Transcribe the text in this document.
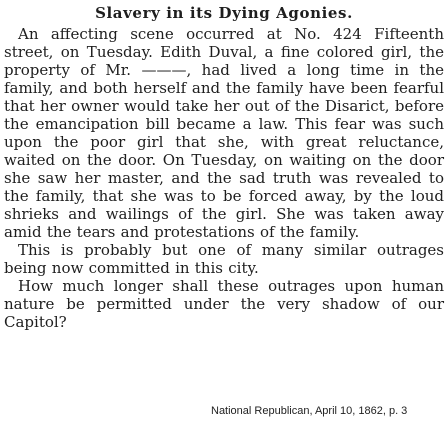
Slavery in its Dying Agonies.

An affecting scene occurred at No. 424 Fifteenth street, on Tuesday. Edith Duval, a fine colored girl, the property of Mr. ———, had lived a long time in the family, and both herself and the family have been fearful that her owner would take her out of the Disarict, before the emancipation bill became a law. This fear was such upon the poor girl that she, with great reluctance, waited on the door. On Tuesday, on waiting on the door she saw her master, and the sad truth was revealed to the family, that she was to be forced away, by the loud shrieks and wailings of the girl. She was taken away amid the tears and protestations of the family.

This is probably but one of many similar outrages being now committed in this city.

How much longer shall these outrages upon human nature be permitted under the very shadow of our Capitol?

National Republican, April 10, 1862, p. 3
